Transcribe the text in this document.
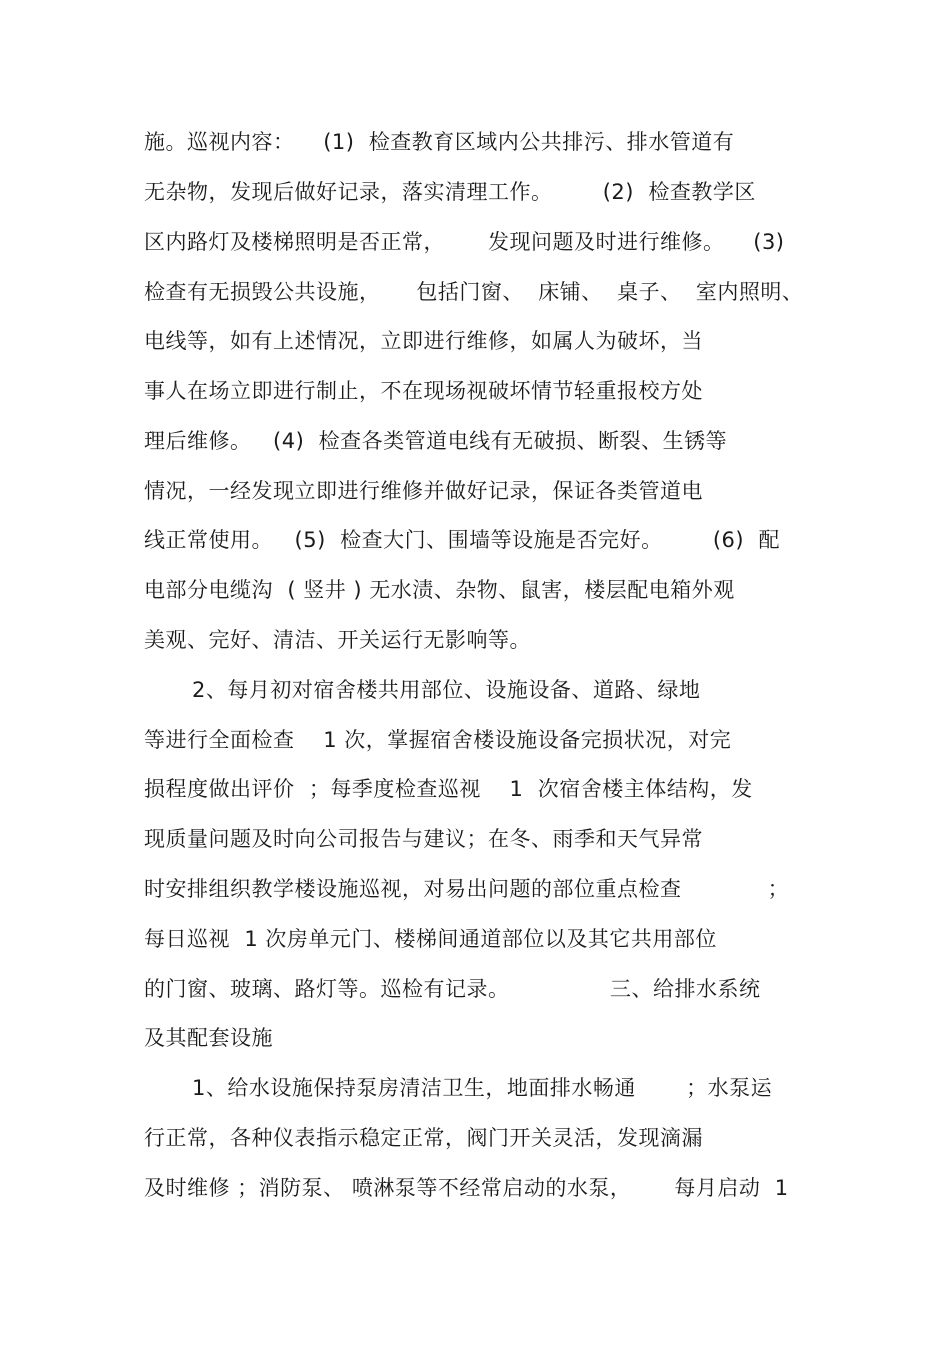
施。巡视内容：    (1)  检查教育区域内公共排污、排水管道有
无杂物，发现后做好记录，落实清理工作。       (2)  检查教学区
区内路灯及楼梯照明是否正常，      发现问题及时进行维修。    (3)
检查有无损毁公共设施，     包括门窗、  床铺、  桌子、  室内照明、
电线等，如有上述情况，立即进行维修，如属人为破坏，当
事人在场立即进行制止，不在现场视破坏情节轻重报校方处
理后维修。   (4)  检查各类管道电线有无破损、断裂、生锈等
情况，一经发现立即进行维修并做好记录，保证各类管道电
线正常使用。   (5)  检查大门、围墙等设施是否完好。       (6)  配
电部分电缆沟  ( 竖井 ) 无水渍、杂物、鼠害，楼层配电箱外观
美观、完好、清洁、开关运行无影响等。
2、每月初对宿舍楼共用部位、设施设备、道路、绿地
等进行全面检查    1 次，掌握宿舍楼设施设备完损状况，对完
损程度做出评价  ；每季度检查巡视    1  次宿舍楼主体结构，发
现质量问题及时向公司报告与建议；在冬、雨季和天气异常
时安排组织教学楼设施巡视，对易出问题的部位重点检查            ；
每日巡视  1 次房单元门、楼梯间通道部位以及其它共用部位
的门窗、玻璃、路灯等。巡检有记录。              三、给排水系统
及其配套设施
1、给水设施保持泵房清洁卫生，地面排水畅通       ；水泵运
行正常，各种仪表指示稳定正常，阀门开关灵活，发现滴漏
及时维修 ；消防泵、 喷淋泵等不经常启动的水泵，      每月启动  1
